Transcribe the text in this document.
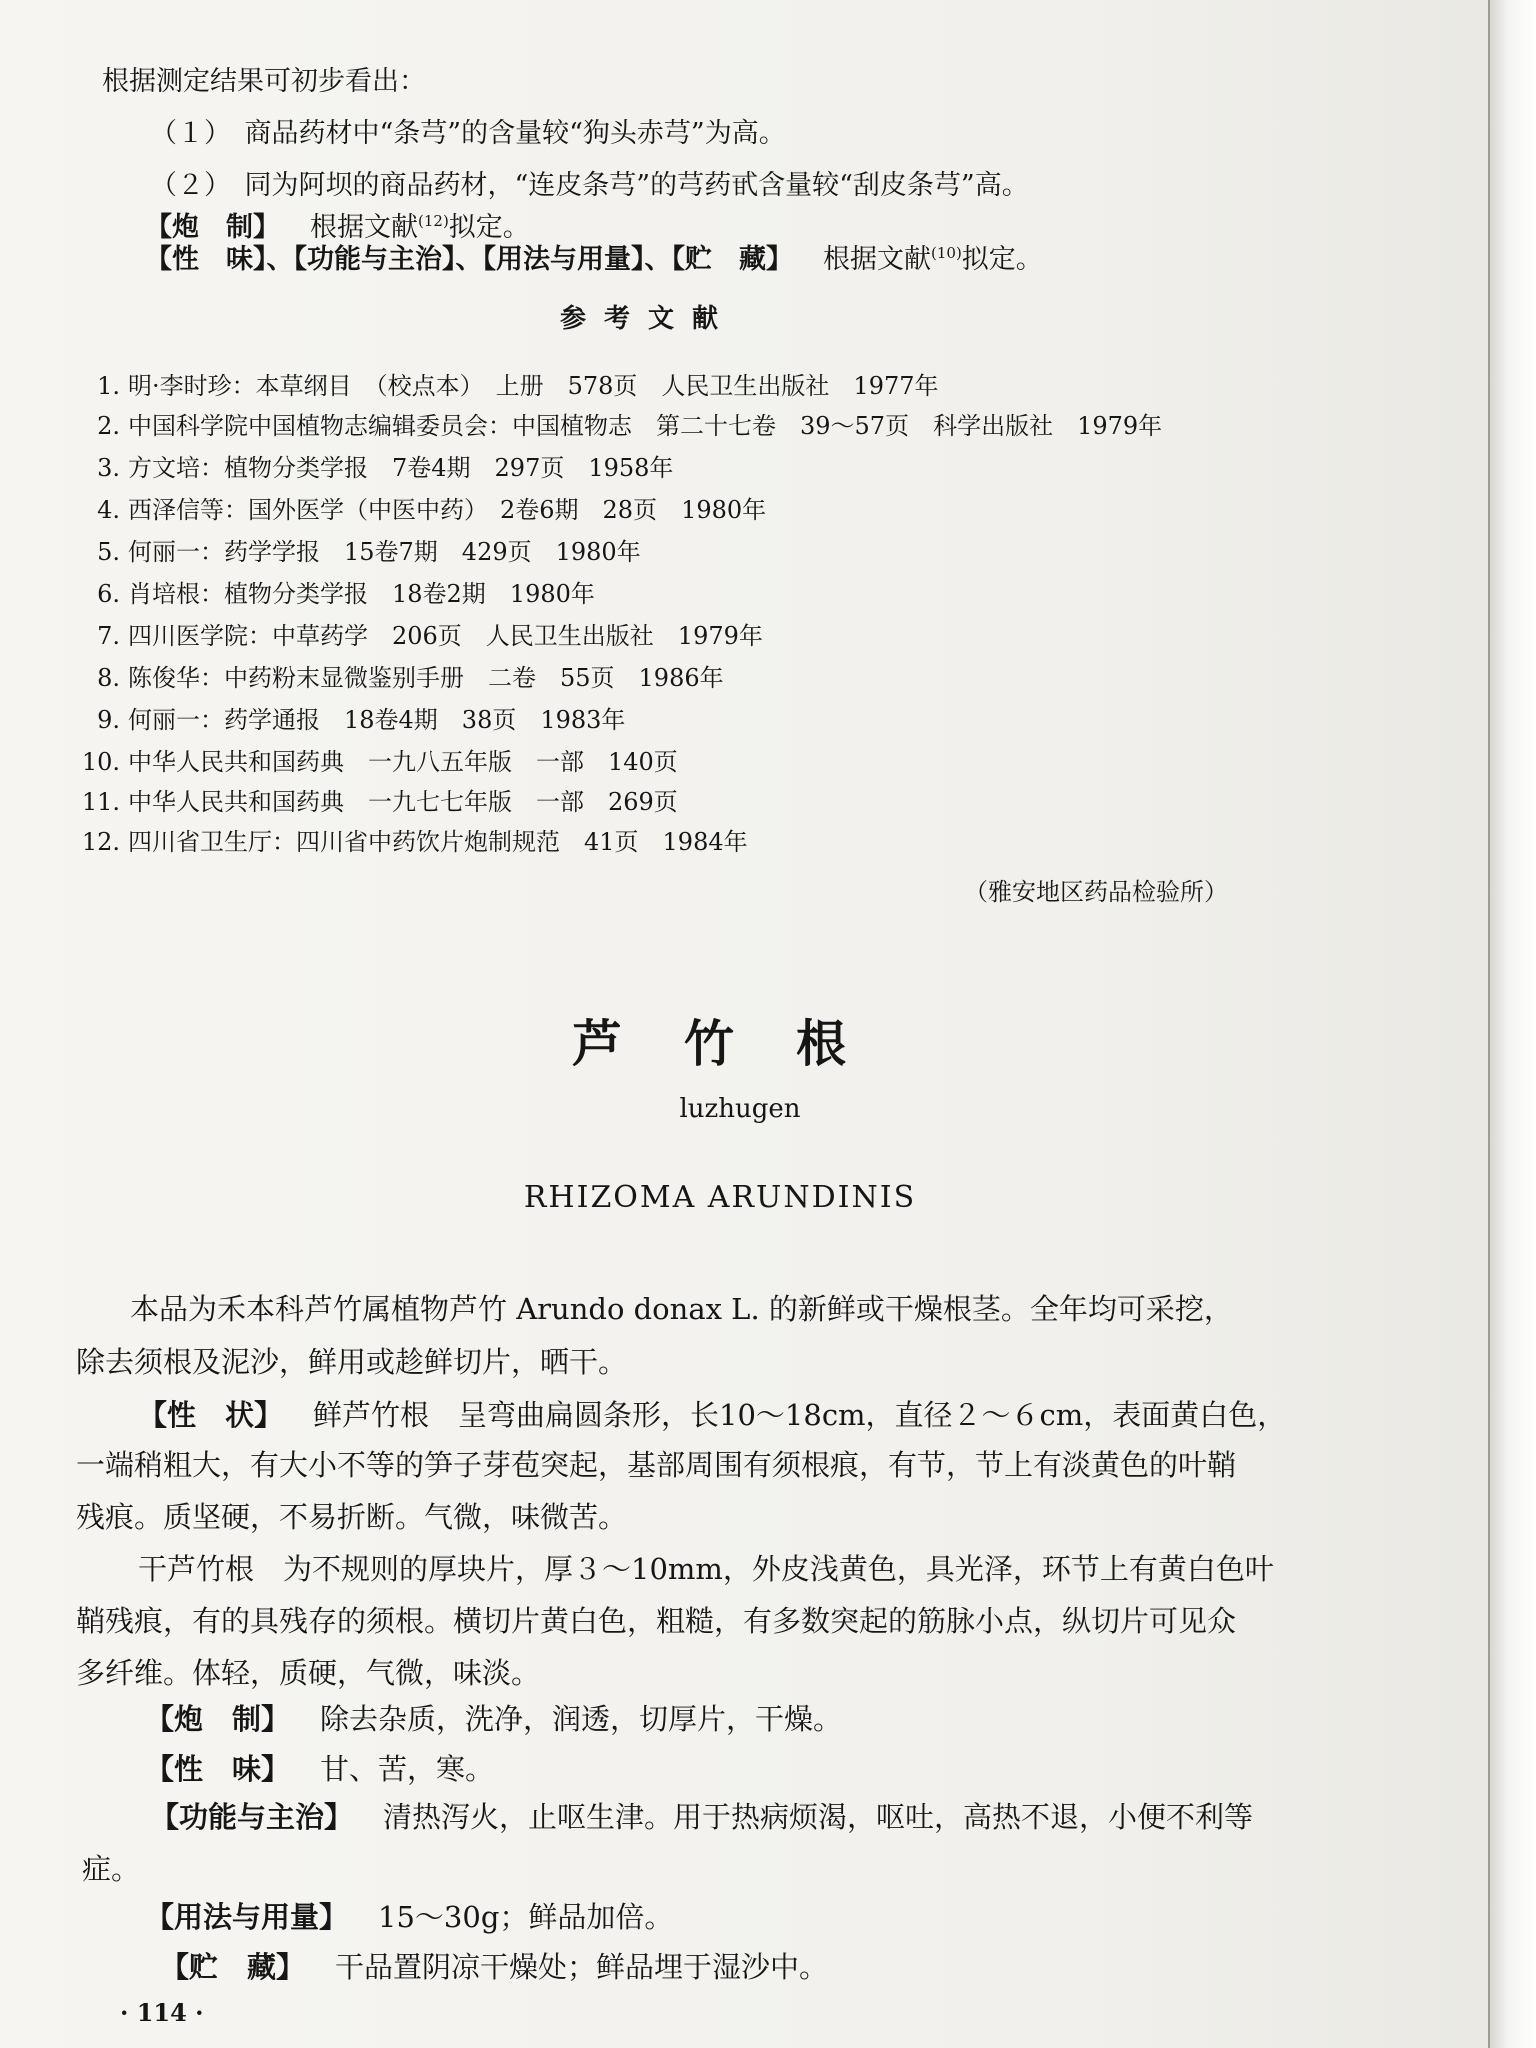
根据测定结果可初步看出：
（１）　商品药材中“条芎”的含量较“狗头赤芎”为高。
（２）　同为阿坝的商品药材，“连皮条芎”的芎药甙含量较“刮皮条芎”高。
【炮　制】 根据文献$^{(12)}$拟定。
【性　味】、【功能与主治】、【用法与用量】、【贮　藏】 根据文献$^{(10)}$拟定。
参考文献
1. 明·李时珍：本草纲目　（校点本）　上册　578页　人民卫生出版社　1977年
2. 中国科学院中国植物志编辑委员会：中国植物志　第二十七卷　39～57页　科学出版社　1979年
3. 方文培：植物分类学报　7卷4期　297页　1958年
4. 西泽信等：国外医学（中医中药）　2卷6期　28页　1980年
5. 何丽一：药学学报　15卷7期　429页　1980年
6. 肖培根：植物分类学报　18卷2期　1980年
7. 四川医学院：中草药学　206页　人民卫生出版社　1979年
8. 陈俊华：中药粉末显微鉴别手册　二卷　55页　1986年
9. 何丽一：药学通报　18卷4期　38页　1983年
10. 中华人民共和国药典　一九八五年版　一部　140页
11. 中华人民共和国药典　一九七七年版　一部　269页
12. 四川省卫生厅：四川省中药饮片炮制规范　41页　1984年
（雅安地区药品检验所）
芦竹根
luzhugen
RHIZOMA ARUNDINIS
本品为禾本科芦竹属植物芦竹 Arundo donax L. 的新鲜或干燥根茎。全年均可采挖，
除去须根及泥沙，鲜用或趁鲜切片，晒干。
【性　状】 鲜芦竹根　呈弯曲扁圆条形，长10～18cm，直径２～６cm，表面黄白色，
一端稍粗大，有大小不等的笋子芽苞突起，基部周围有须根痕，有节，节上有淡黄色的叶鞘
残痕。质坚硬，不易折断。气微，味微苦。
干芦竹根　为不规则的厚块片，厚３～10mm，外皮浅黄色，具光泽，环节上有黄白色叶
鞘残痕，有的具残存的须根。横切片黄白色，粗糙，有多数突起的筋脉小点，纵切片可见众
多纤维。体轻，质硬，气微，味淡。
【炮　制】 除去杂质，洗净，润透，切厚片，干燥。
【性　味】 甘、苦，寒。
【功能与主治】 清热泻火，止呕生津。用于热病烦渴，呕吐，高热不退，小便不利等
症。
【用法与用量】 15～30g；鲜品加倍。
【贮　藏】 干品置阴凉干燥处；鲜品埋于湿沙中。
· 114 ·
